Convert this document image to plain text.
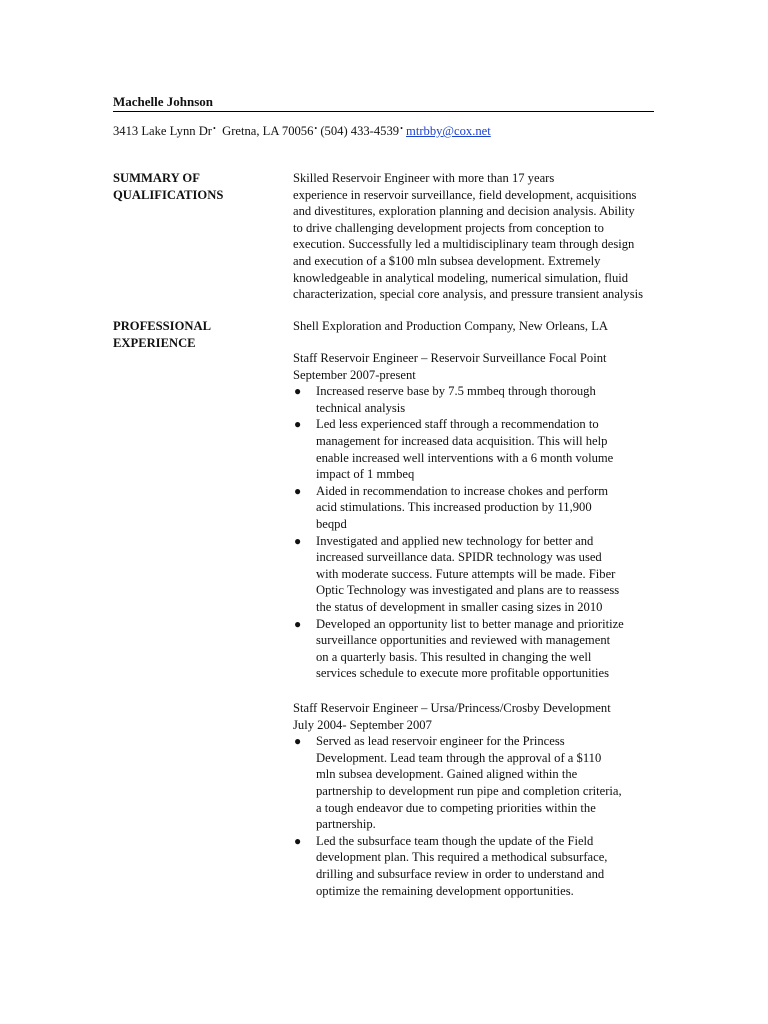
Machelle Johnson
3413 Lake Lynn Dr• Gretna, LA 70056• (504) 433-4539• mtrbby@cox.net
SUMMARY OF
QUALIFICATIONS
Skilled Reservoir Engineer with more than 17 years
experience in reservoir surveillance, field development, acquisitions
and divestitures, exploration planning and decision analysis. Ability
to drive challenging development projects from conception to
execution. Successfully led a multidisciplinary team through design
and execution of a $100 mln subsea development. Extremely
knowledgeable in analytical modeling, numerical simulation, fluid
characterization, special core analysis, and pressure transient analysis
PROFESSIONAL
EXPERIENCE
Shell Exploration and Production Company, New Orleans, LA
Staff Reservoir Engineer – Reservoir Surveillance Focal Point
September 2007-present
● Increased reserve base by 7.5 mmbeq through thorough
technical analysis
● Led less experienced staff through a recommendation to
management for increased data acquisition. This will help
enable increased well interventions with a 6 month volume
impact of 1 mmbeq
● Aided in recommendation to increase chokes and perform
acid stimulations. This increased production by 11,900
beqpd
● Investigated and applied new technology for better and
increased surveillance data. SPIDR technology was used
with moderate success. Future attempts will be made. Fiber
Optic Technology was investigated and plans are to reassess
the status of development in smaller casing sizes in 2010
● Developed an opportunity list to better manage and prioritize
surveillance opportunities and reviewed with management
on a quarterly basis. This resulted in changing the well
services schedule to execute more profitable opportunities
Staff Reservoir Engineer – Ursa/Princess/Crosby Development
July 2004- September 2007
● Served as lead reservoir engineer for the Princess
Development. Lead team through the approval of a $110
mln subsea development. Gained aligned within the
partnership to development run pipe and completion criteria,
a tough endeavor due to competing priorities within the
partnership.
● Led the subsurface team though the update of the Field
development plan. This required a methodical subsurface,
drilling and subsurface review in order to understand and
optimize the remaining development opportunities.
